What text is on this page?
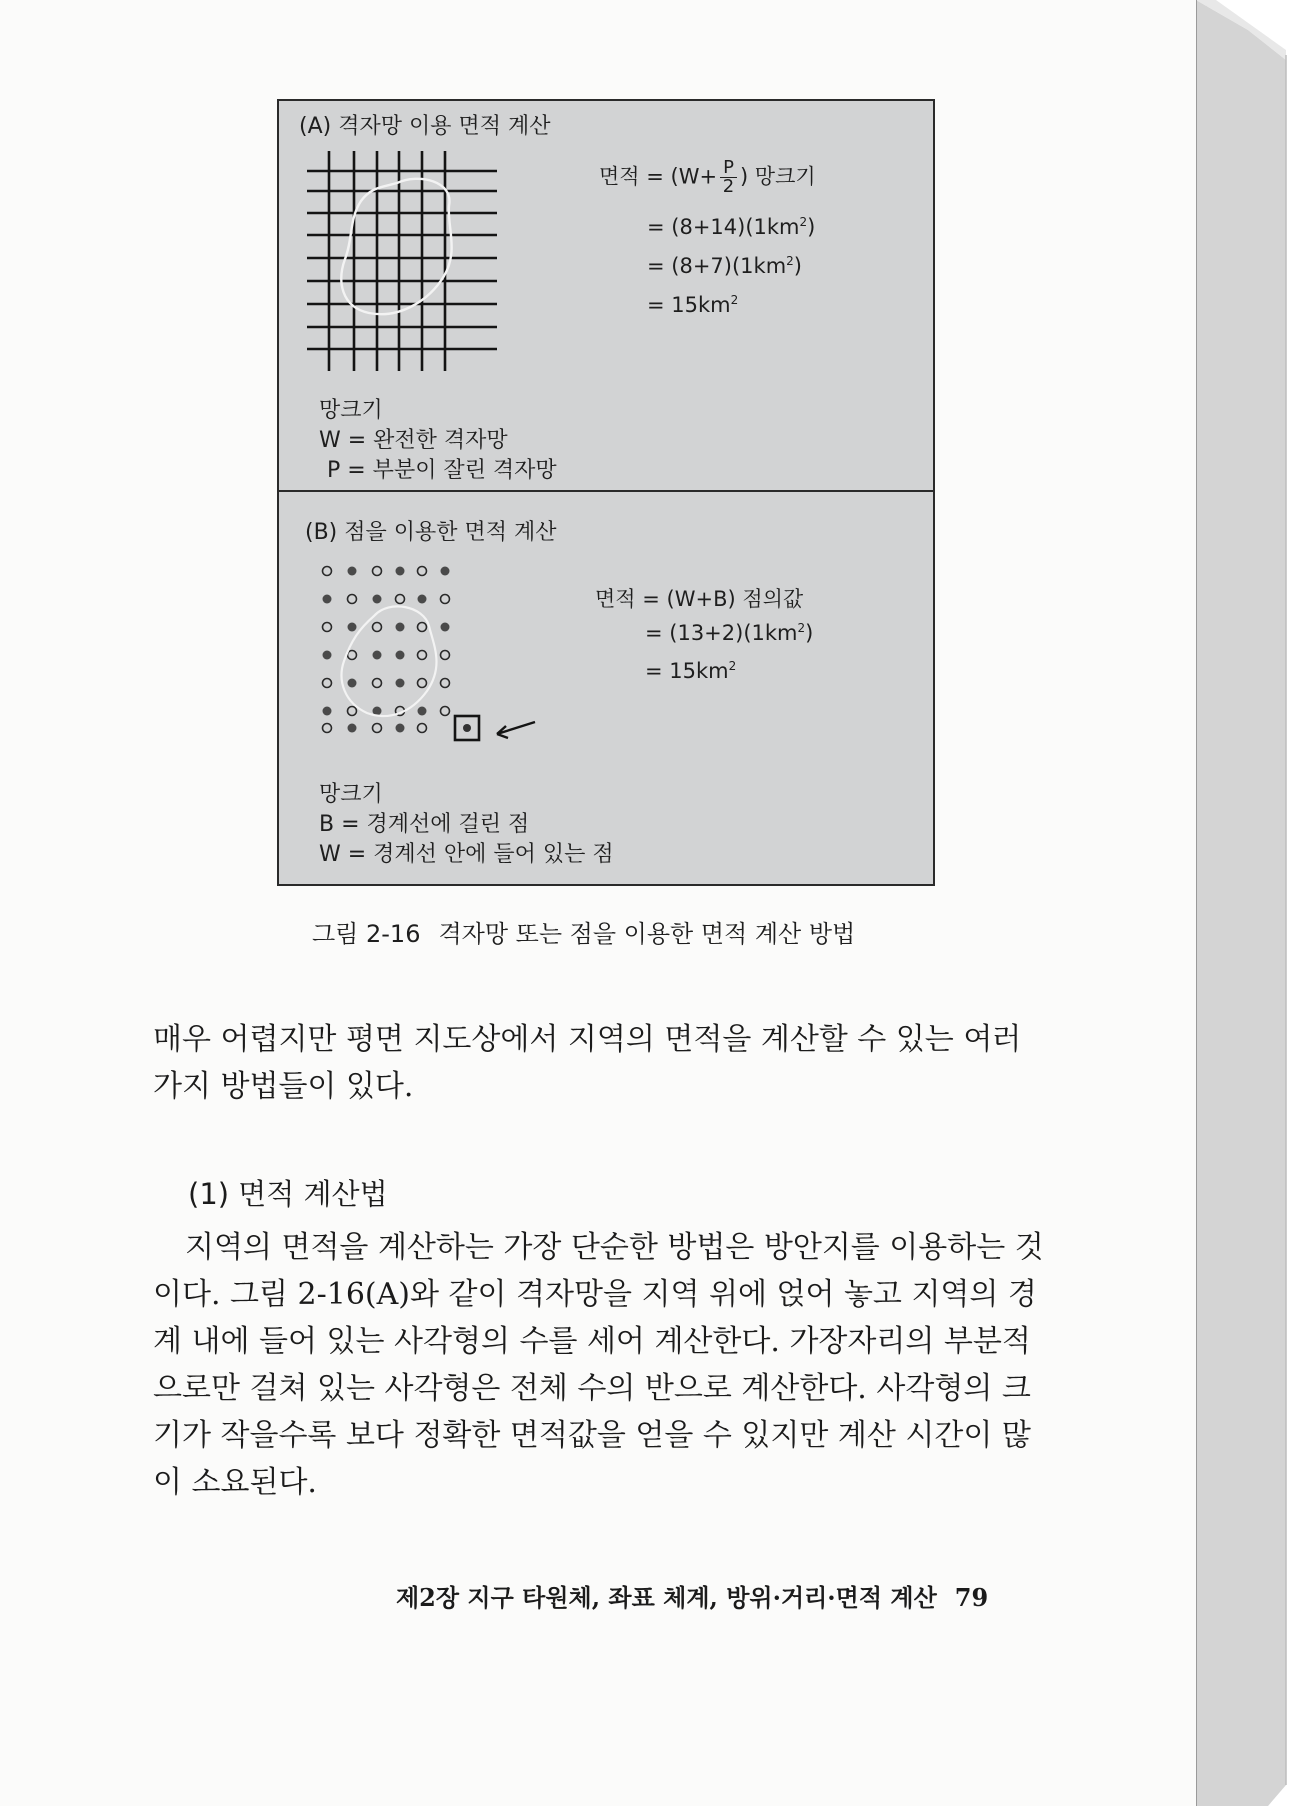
(A) 격자망 이용 면적 계산
면적 = ($W+ \frac{P}{2}$ ) 망크기
= $(8+14)(1km^2)$
= $(8+7)(1km^2)$
= $15km^2$
망크기
W = 완전한 격자망
P = 부분이 잘린 격자망
(B) 점을 이용한 면적 계산
면적 = (W+B) 점의값
= $(13+2)(1km^2)$
= $15km^2$
망크기
B = 경계선에 걸린 점
W = 경계선 안에 들어 있는 점
그림 2-16 격자망 또는 점을 이용한 면적 계산 방법
매우 어렵지만 평면 지도상에서 지역의 면적을 계산할 수 있는 여러 가지 방법들이 있다.
(1) 면적 계산법
지역의 면적을 계산하는 가장 단순한 방법은 방안지를 이용하는 것이다. 그림 2-16(A)와 같이 격자망을 지역 위에 얹어 놓고 지역의 경계 내에 들어 있는 사각형의 수를 세어 계산한다. 가장자리의 부분적으로만 걸쳐 있는 사각형은 전체 수의 반으로 계산한다. 사각형의 크기가 작을수록 보다 정확한 면적값을 얻을 수 있지만 계산 시간이 많이 소요된다.
제2장 지구 타원체, 좌표 체계, 방위·거리·면적 계산 79
